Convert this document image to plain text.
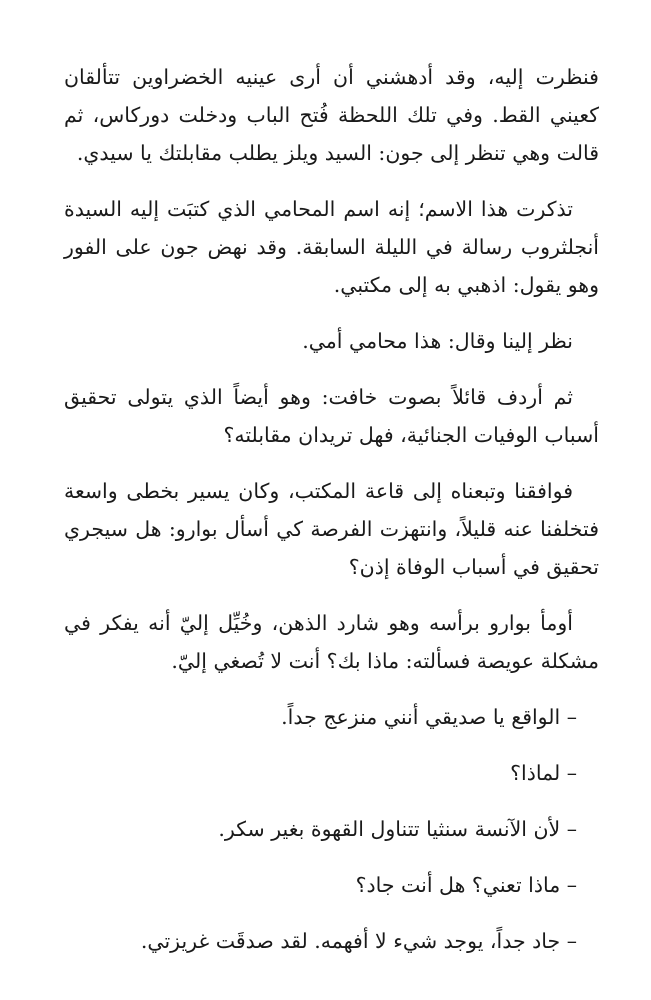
فنظرت إليه، وقد أدهشني أن أرى عينيه الخضراوين تتألقان كعيني القط. وفي تلك اللحظة فُتح الباب ودخلت دوركاس، ثم قالت وهي تنظر إلى جون: السيد ويلز يطلب مقابلتك يا سيدي.

تذكرت هذا الاسم؛ إنه اسم المحامي الذي كتبَت إليه السيدة أنجلثروب رسالة في الليلة السابقة. وقد نهض جون على الفور وهو يقول: اذهبي به إلى مكتبي.

نظر إلينا وقال: هذا محامي أمي.

ثم أردف قائلاً بصوت خافت: وهو أيضاً الذي يتولى تحقيق أسباب الوفيات الجنائية، فهل تريدان مقابلته؟

فوافقنا وتبعناه إلى قاعة المكتب، وكان يسير بخطى واسعة فتخلفنا عنه قليلاً، وانتهزت الفرصة كي أسأل بوارو: هل سيجري تحقيق في أسباب الوفاة إذن؟

أومأ بوارو برأسه وهو شارد الذهن، وخُيِّل إليّ أنه يفكر في مشكلة عويصة فسألته: ماذا بك؟ أنت لا تُصغي إليّ.

– الواقع يا صديقي أنني منزعج جداً.

– لماذا؟

– لأن الآنسة سنثيا تتناول القهوة بغير سكر.

– ماذا تعني؟ هل أنت جاد؟

– جاد جداً، يوجد شيء لا أفهمه. لقد صدقَت غريزتي.
